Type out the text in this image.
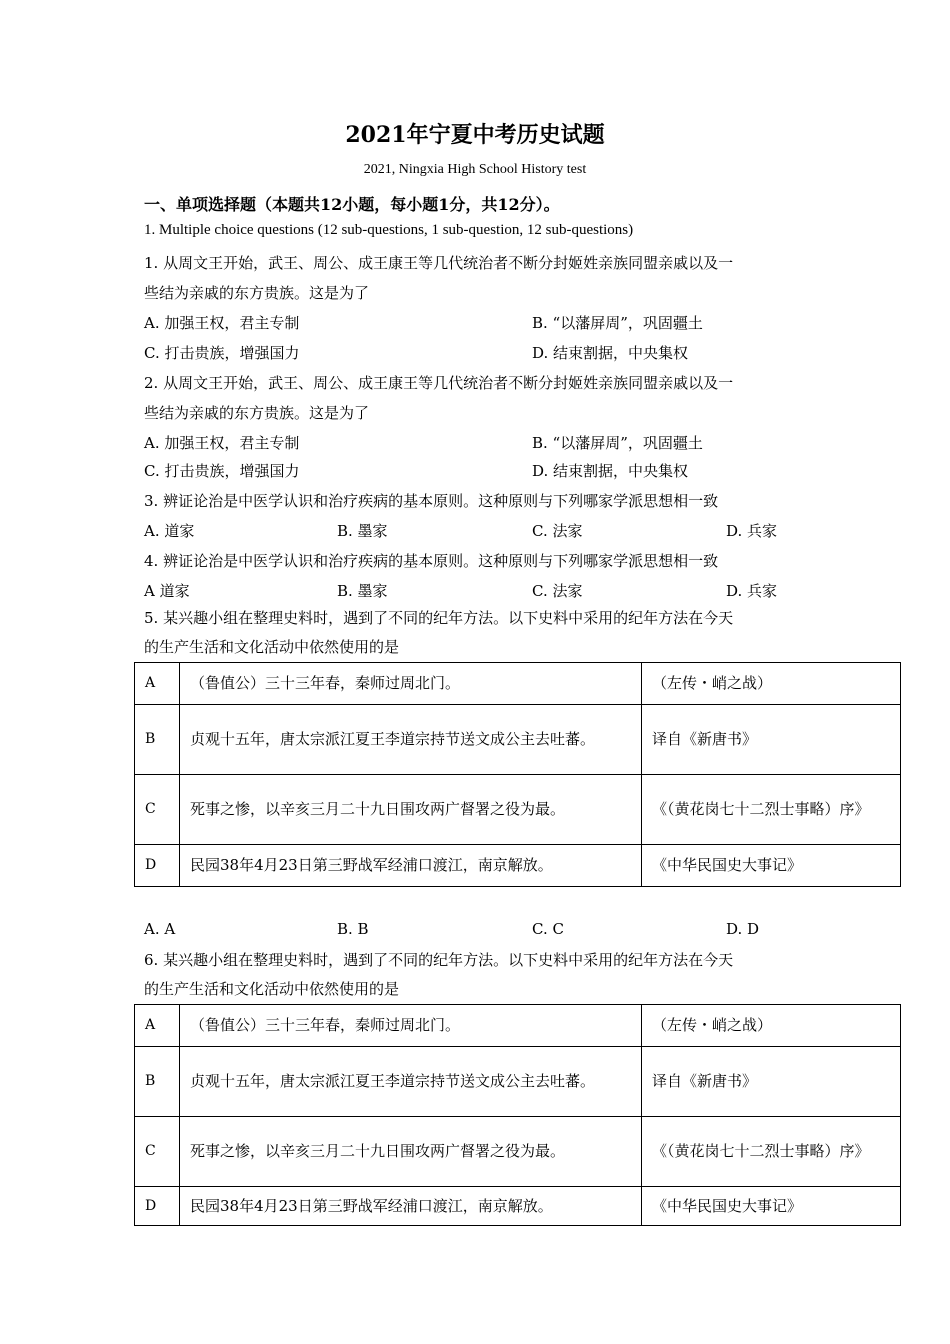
2021年宁夏中考历史试题
2021, Ningxia High School History test
一、单项选择题（本题共12小题，每小题1分，共12分）。
1. Multiple choice questions (12 sub-questions, 1 sub-question, 12 sub-questions)
1. 从周文王开始，武王、周公、成王康王等几代统治者不断分封姬姓亲族同盟亲戚以及一
些结为亲戚的东方贵族。这是为了
A. 加强王权，君主专制	B. “以藩屏周”，巩固疆土
C. 打击贵族，增强国力	D. 结束割据，中央集权
2. 从周文王开始，武王、周公、成王康王等几代统治者不断分封姬姓亲族同盟亲戚以及一
些结为亲戚的东方贵族。这是为了
A. 加强王权，君主专制	B. “以藩屏周”，巩固疆土
C. 打击贵族，增强国力	D. 结束割据，中央集权
3. 辨证论治是中医学认识和治疗疾病的基本原则。这种原则与下列哪家学派思想相一致
A. 道家	B. 墨家	C. 法家	D. 兵家
4. 辨证论治是中医学认识和治疗疾病的基本原则。这种原则与下列哪家学派思想相一致
A 道家	B. 墨家	C. 法家	D. 兵家
5. 某兴趣小组在整理史料时，遇到了不同的纪年方法。以下史料中采用的纪年方法在今天
的生产生活和文化活动中依然使用的是
A	（鲁值公）三十三年春，秦师过周北门。	（左传・峭之战）
B	贞观十五年，唐太宗派江夏王李道宗持节送文成公主去吐蕃。	译自《新唐书》
C	死事之惨，以辛亥三月二十九日围攻两广督署之役为最。	《（黄花岗七十二烈士事略）序》
D	民园38年4月23日第三野战军经浦口渡江，南京解放。	《中华民国史大事记》
A. A	B. B	C. C	D. D
6. 某兴趣小组在整理史料时，遇到了不同的纪年方法。以下史料中采用的纪年方法在今天
的生产生活和文化活动中依然使用的是
A	（鲁值公）三十三年春，秦师过周北门。	（左传・峭之战）
B	贞观十五年，唐太宗派江夏王李道宗持节送文成公主去吐蕃。	译自《新唐书》
C	死事之惨，以辛亥三月二十九日围攻两广督署之役为最。	《（黄花岗七十二烈士事略）序》
D	民园38年4月23日第三野战军经浦口渡江，南京解放。	《中华民国史大事记》
